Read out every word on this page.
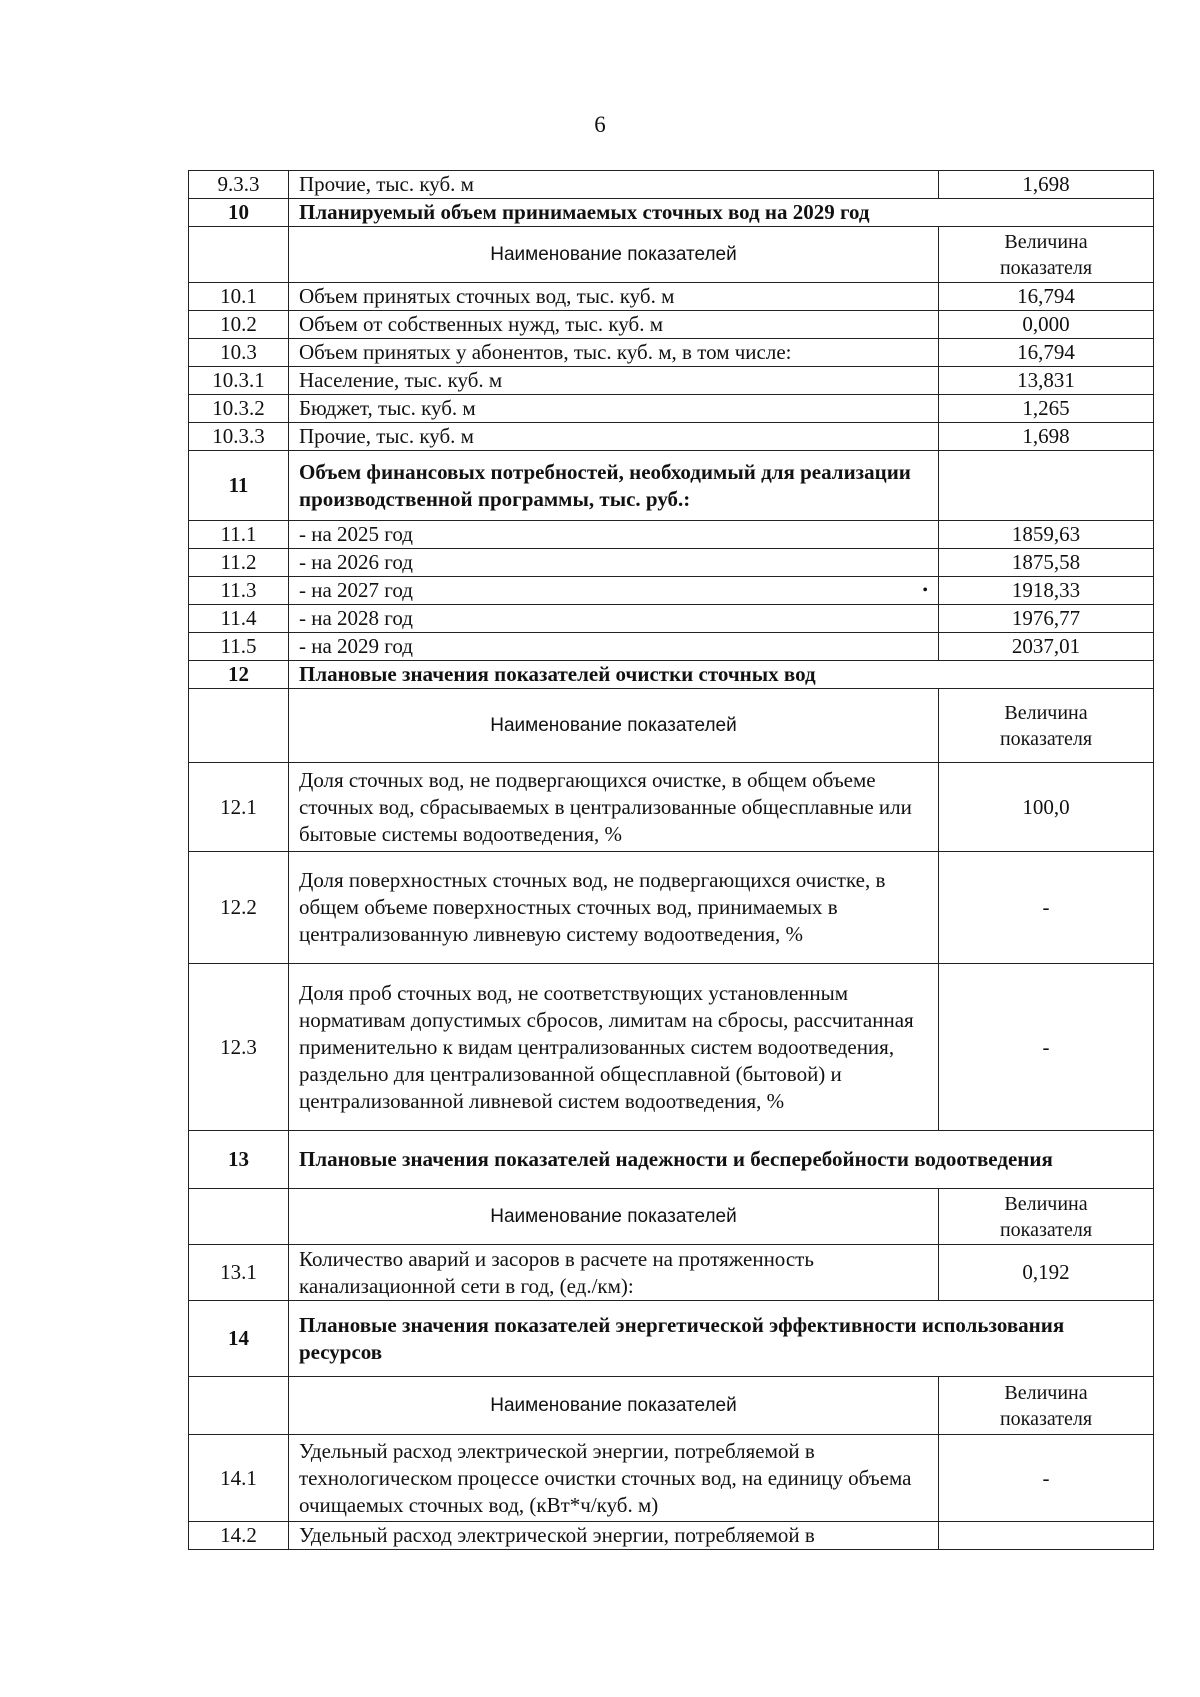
6
9.3.3	Прочие, тыс. куб. м	1,698
10	Планируемый объем принимаемых сточных вод на 2029 год	
	Наименование показателей	Величина
показателя
10.1	Объем принятых сточных вод, тыс. куб. м	16,794
10.2	Объем от собственных нужд, тыс. куб. м	0,000
10.3	Объем принятых у абонентов, тыс. куб. м, в том числе:	16,794
10.3.1	Население, тыс. куб. м	13,831
10.3.2	Бюджет, тыс. куб. м	1,265
10.3.3	Прочие, тыс. куб. м	1,698
11	Объем финансовых потребностей, необходимый для реализации производственной программы, тыс. руб.:	
11.1	- на 2025 год	1859,63
11.2	- на 2026 год	1875,58
11.3	- на 2027 год •	1918,33
11.4	- на 2028 год	1976,77
11.5	- на 2029 год	2037,01
12	Плановые значения показателей очистки сточных вод	
	Наименование показателей	Величина
показателя
12.1	Доля сточных вод, не подвергающихся очистке, в общем объеме сточных вод, сбрасываемых в централизованные общесплавные или бытовые системы водоотведения, %	100,0
12.2	Доля поверхностных сточных вод, не подвергающихся очистке, в общем объеме поверхностных сточных вод, принимаемых в централизованную ливневую систему водоотведения, %	-
12.3	Доля проб сточных вод, не соответствующих установленным нормативам допустимых сбросов, лимитам на сбросы, рассчитанная применительно к видам централизованных систем водоотведения, раздельно для централизованной общесплавной (бытовой) и централизованной ливневой систем водоотведения, %	-
13	Плановые значения показателей надежности и бесперебойности водоотведения	
	Наименование показателей	Величина
показателя
13.1	Количество аварий и засоров в расчете на протяженность канализационной сети в год, (ед./км):	0,192
14	Плановые значения показателей энергетической эффективности использования ресурсов	
	Наименование показателей	Величина
показателя
14.1	Удельный расход электрической энергии, потребляемой в технологическом процессе очистки сточных вод, на единицу объема очищаемых сточных вод, (кВт*ч/куб. м)	-
14.2	Удельный расход электрической энергии, потребляемой в	
